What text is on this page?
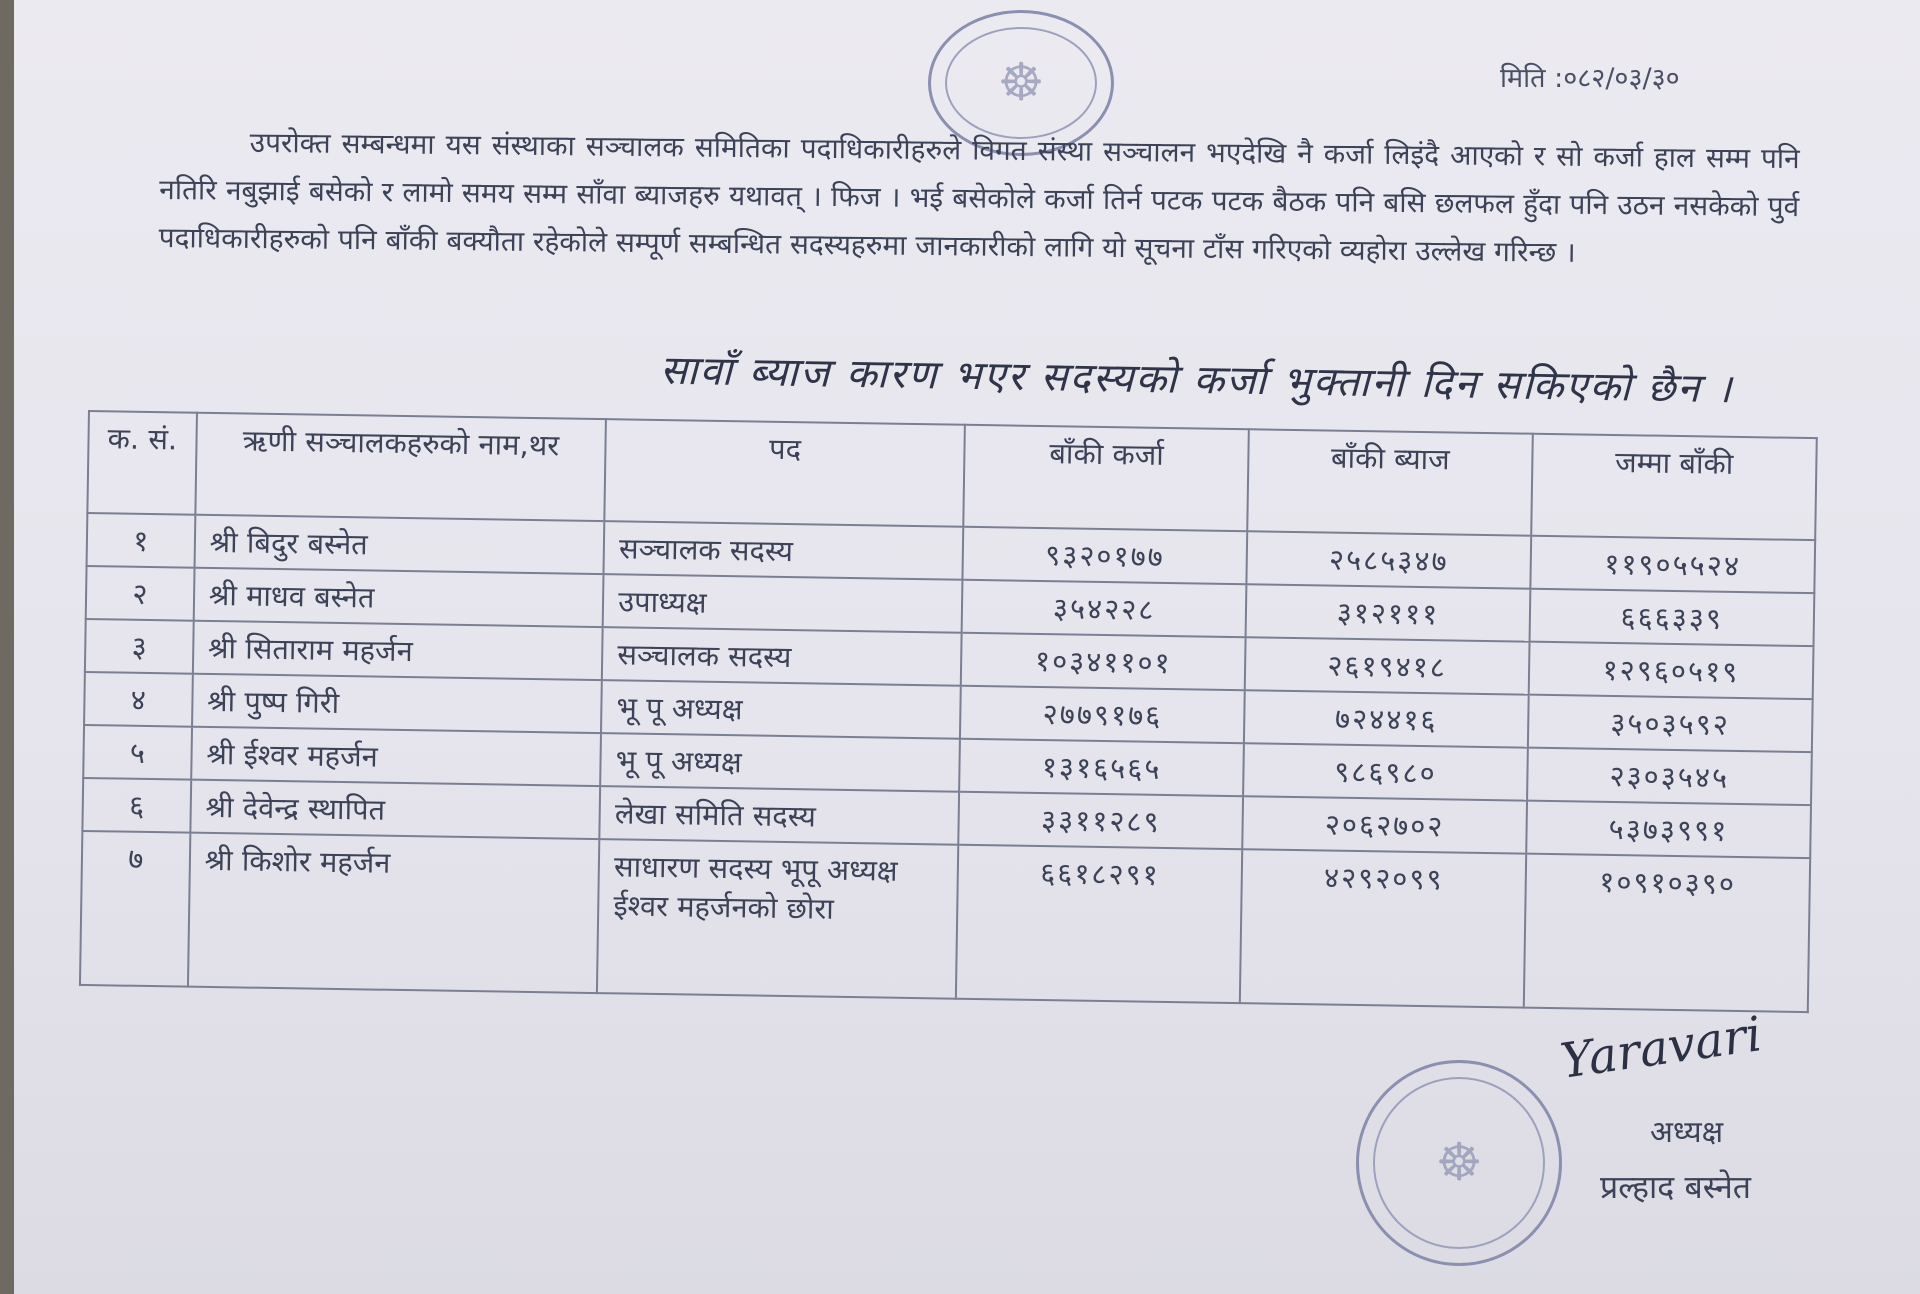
☸	मिति :०८२/०३/३०
उपरोक्त सम्बन्धमा यस संस्थाका सञ्चालक समितिका पदाधिकारीहरुले विगत संस्था सञ्चालन भएदेखि नै कर्जा लिइंदै आएको र सो कर्जा हाल सम्म पनि नतिरि नबुझाई बसेको र लामो समय सम्म साँवा ब्याजहरु यथावत् । फिज । भई बसेकोले कर्जा तिर्न पटक पटक बैठक पनि बसि छलफल हुँदा पनि उठन नसकेको पुर्व पदाधिकारीहरुको पनि बाँकी बक्यौता रहेकोले सम्पूर्ण सम्बन्धित सदस्यहरुमा जानकारीको लागि यो सूचना टाँस गरिएको व्यहोरा उल्लेख गरिन्छ ।
सावाँ ब्याज कारण भएर सदस्यको कर्जा भुक्तानी दिन सकिएको छैन ।
क. सं.	ऋणी सञ्चालकहरुको नाम,थर	पद	बाँकी कर्जा	बाँकी ब्याज	जम्मा बाँकी
१	श्री बिदुर बस्नेत	सञ्चालक सदस्य	९३२०१७७	२५८५३४७	११९०५५२४
२	श्री माधव बस्नेत	उपाध्यक्ष	३५४२२८	३१२१११	६६६३३९
३	श्री सिताराम महर्जन	सञ्चालक सदस्य	१०३४११०१	२६१९४१८	१२९६०५१९
४	श्री पुष्प गिरी	भू पू अध्यक्ष	२७७९१७६	७२४४१६	३५०३५९२
५	श्री ईश्वर महर्जन	भू पू अध्यक्ष	१३१६५६५	९८६९८०	२३०३५४५
६	श्री देवेन्द्र स्थापित	लेखा समिति सदस्य	३३११२८९	२०६२७०२	५३७३९९१
७	श्री किशोर महर्जन	साधारण सदस्य भूपू अध्यक्ष ईश्वर महर्जनको छोरा	६६१८२९१	४२९२०९९	१०९१०३९०
☸
Yaravari
अध्यक्ष
प्रल्हाद बस्नेत
